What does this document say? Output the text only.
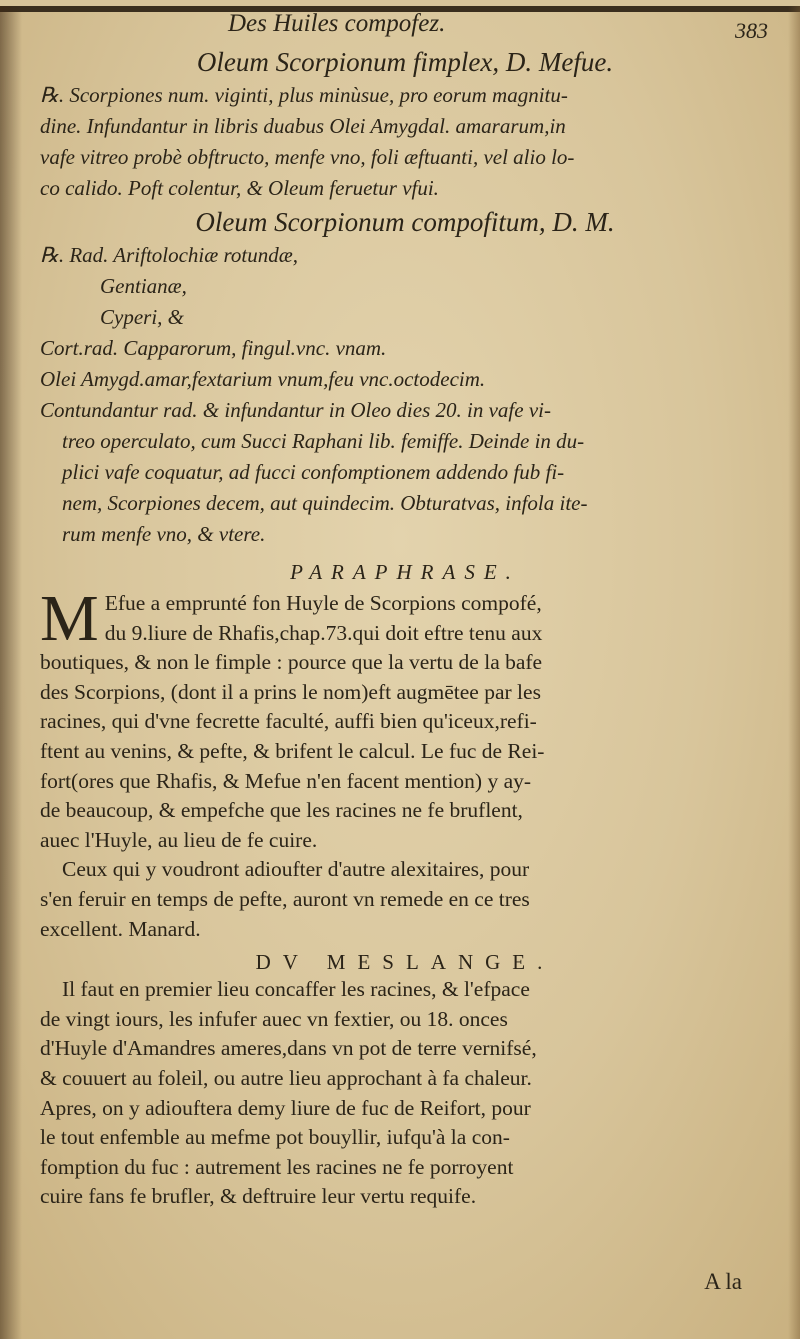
Des Huiles compofez.	383

Oleum Scorpionum fimplex, D. Mefue.

℞. Scorpiones num. viginti, plus minùsue, pro eorum magnitu-

dine. Infundantur in libris duabus Olei Amygdal. amararum,in

vafe vitreo probè obftructo, menfe vno, foli æftuanti, vel alio lo-

co calido. Poft colentur, & Oleum feruetur vfui.

Oleum Scorpionum compofitum, D. M.

℞. Rad. Ariftolochiæ rotundæ,

Gentianæ,

Cyperi, &

Cort.rad. Capparorum, fingul.vnc. vnam.

Olei Amygd.amar,fextarium vnum,feu vnc.octodecim.

Contundantur rad. & infundantur in Oleo dies 20. in vafe vi-

treo operculato, cum Succi Raphani lib. femiffe. Deinde in du-

plici vafe coquatur, ad fucci confomptionem addendo fub fi-

nem, Scorpiones decem, aut quindecim. Obturatvas, infola ite-

rum menfe vno, & vtere.

PARAPHRASE.
M Efue a emprunté fon Huyle de Scorpions compofé,

du 9.liure de Rhafis,chap.73.qui doit eftre tenu aux

boutiques, & non le fimple : pource que la vertu de la bafe

des Scorpions, (dont il a prins le nom)eft augmētee par les

racines, qui d'vne fecrette faculté, auffi bien qu'iceux,refi-

ftent au venins, & pefte, & brifent le calcul. Le fuc de Rei-

fort(ores que Rhafis, & Mefue n'en facent mention) y ay-

de beaucoup, & empefche que les racines ne fe bruflent,

auec l'Huyle, au lieu de fe cuire.

Ceux qui y voudront adioufter d'autre alexitaires, pour

s'en feruir en temps de pefte, auront vn remede en ce tres

excellent. Manard.

DV MESLANGE.

Il faut en premier lieu concaffer les racines, & l'efpace

de vingt iours, les infufer auec vn fextier, ou 18. onces

d'Huyle d'Amandres ameres,dans vn pot de terre vernifsé,

& couuert au foleil, ou autre lieu approchant à fa chaleur.

Apres, on y adiouftera demy liure de fuc de Reifort, pour

le tout enfemble au mefme pot bouyllir, iufqu'à la con-

fomption du fuc : autrement les racines ne fe porroyent

cuire fans fe brufler, & deftruire leur vertu requife.

A la
